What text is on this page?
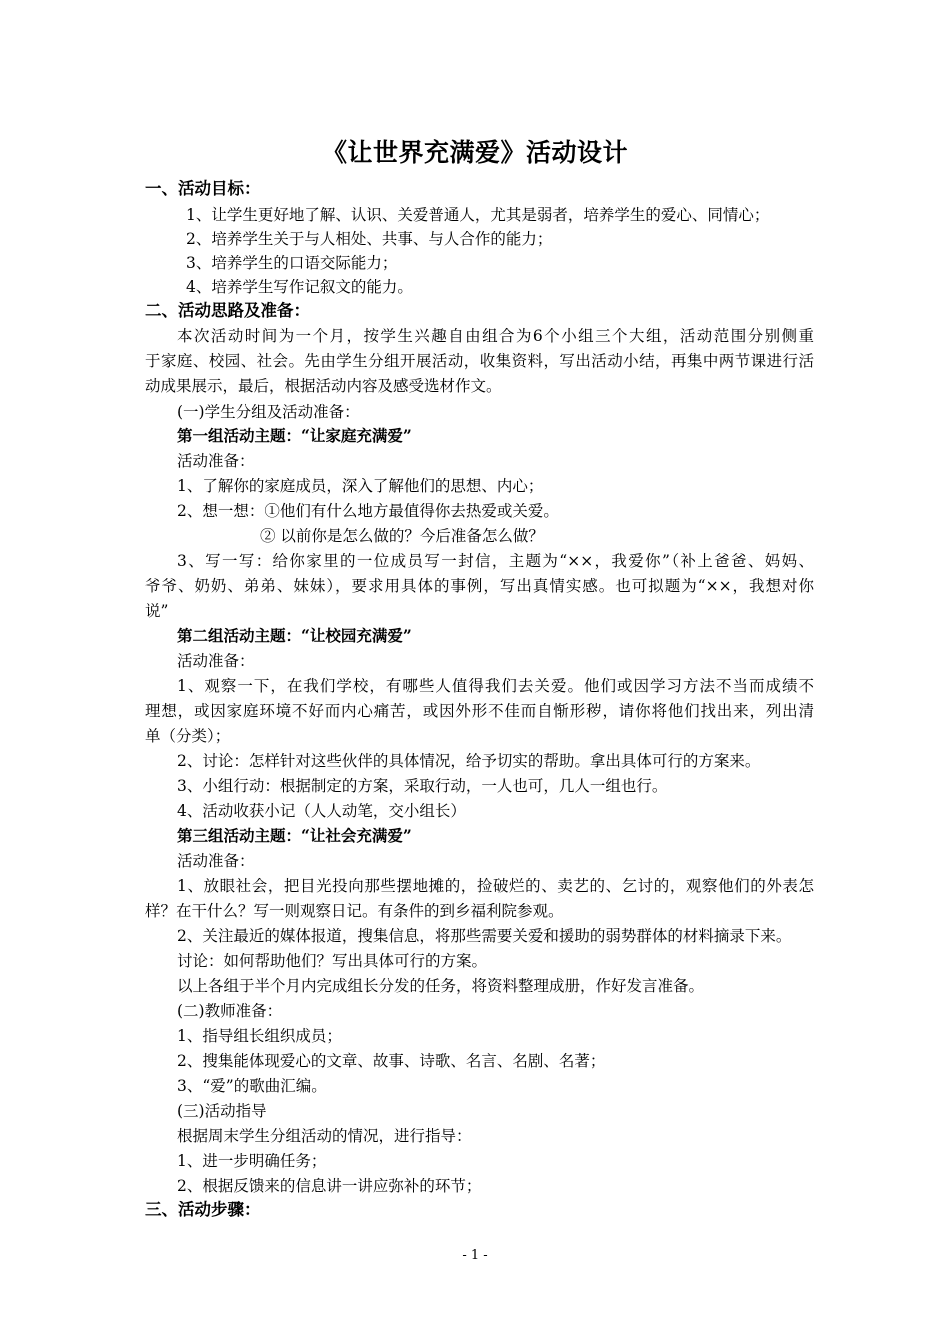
《让世界充满爱》活动设计
一、活动目标：
1、让学生更好地了解、认识、关爱普通人，尤其是弱者，培养学生的爱心、同情心；
2、培养学生关于与人相处、共事、与人合作的能力；
3、培养学生的口语交际能力；
4、培养学生写作记叙文的能力。
二、活动思路及准备：
本次活动时间为一个月，按学生兴趣自由组合为6个小组三个大组，活动范围分别侧重
于家庭、校园、社会。先由学生分组开展活动，收集资料，写出活动小结，再集中两节课进行活
动成果展示，最后，根据活动内容及感受选材作文。
(一)学生分组及活动准备：
第一组活动主题：“让家庭充满爱”
活动准备：
1、了解你的家庭成员，深入了解他们的思想、内心；
2、想一想：①他们有什么地方最值得你去热爱或关爱。
② 以前你是怎么做的？今后准备怎么做？
3、写一写：给你家里的一位成员写一封信，主题为“××，我爱你”（补上爸爸、妈妈、
爷爷、奶奶、弟弟、妹妹），要求用具体的事例，写出真情实感。也可拟题为“××，我想对你
说”
第二组活动主题：“让校园充满爱”
活动准备：
1、观察一下，在我们学校，有哪些人值得我们去关爱。他们或因学习方法不当而成绩不
理想，或因家庭环境不好而内心痛苦，或因外形不佳而自惭形秽，请你将他们找出来，列出清
单（分类）；
2、讨论：怎样针对这些伙伴的具体情况，给予切实的帮助。拿出具体可行的方案来。
3、小组行动：根据制定的方案，采取行动，一人也可，几人一组也行。
4、活动收获小记（人人动笔，交小组长）
第三组活动主题：“让社会充满爱”
活动准备：
1、放眼社会，把目光投向那些摆地摊的，捡破烂的、卖艺的、乞讨的，观察他们的外表怎
样？在干什么？写一则观察日记。有条件的到乡福利院参观。
2、关注最近的媒体报道，搜集信息，将那些需要关爱和援助的弱势群体的材料摘录下来。
讨论：如何帮助他们？写出具体可行的方案。
以上各组于半个月内完成组长分发的任务，将资料整理成册，作好发言准备。
(二)教师准备：
1、指导组长组织成员；
2、搜集能体现爱心的文章、故事、诗歌、名言、名剧、名著；
3、“爱”的歌曲汇编。
(三)活动指导
根据周末学生分组活动的情况，进行指导：
1、进一步明确任务；
2、根据反馈来的信息讲一讲应弥补的环节；
三、活动步骤：
- 1 -
